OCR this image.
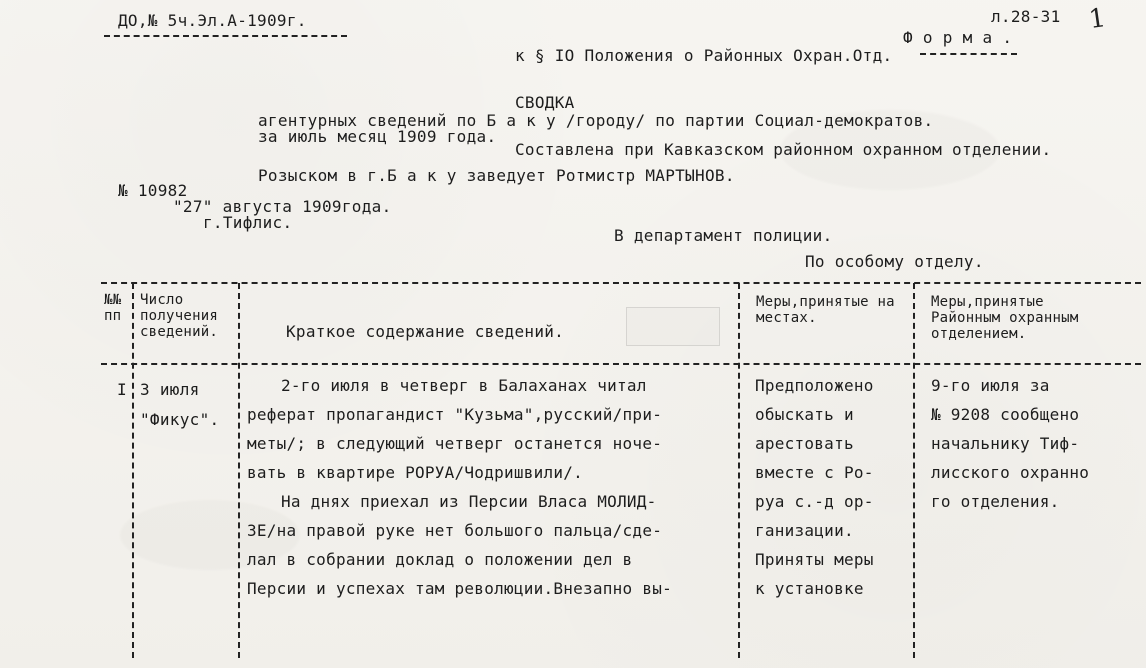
ДО,№ 5ч.Эл.А-1909г.	л.28-31 1
Ф о р м а .
к § IO Положения о Районных Охран.Отд.
СВОДКА
агентурных сведений по Б а к у /городу/ по партии Социал-демократов.
за июль месяц 1909 года.
Составлена при Кавказском районном охранном отделении.
Розыском в г.Б а к у заведует Ротмистр МАРТЫНОВ.
№ 10982
"27" августа 1909года.
г.Тифлис.
В департамент полиции.
По особому отделу.
№№ пп
Число получения сведений.	Краткое содержание сведений.
Меры,принятые на местах.
Меры,принятые Районным охранным отделением.
I 3 июля
"Фикус".
2-го июля в четверг в Балаханах читал
реферат пропагандист "Кузьма",русский/при-
меты/; в следующий четверг останется ноче-
вать в квартире РОРУА/Чодришвили/.
На днях приехал из Персии Власа МОЛИД-
ЗЕ/на правой руке нет большого пальца/сде-
лал в собрании доклад о положении дел в
Персии и успехах там революции.Внезапно вы-
Предположено
обыскать и
арестовать
вместе с Ро-
руа с.-д ор-
ганизации.
Приняты меры
к установке
9-го июля за
№ 9208 сообщено
начальнику Тиф-
лисского охранно
го отделения.
